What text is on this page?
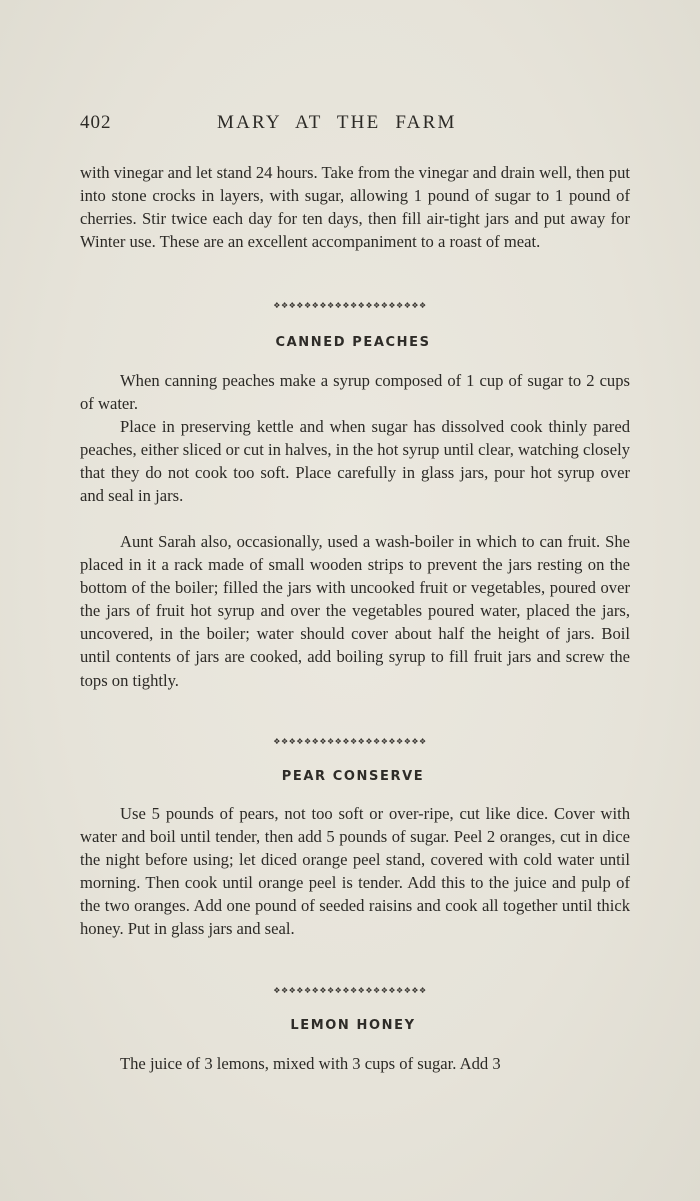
402	MARY AT THE FARM

with vinegar and let stand 24 hours. Take from the vinegar and drain well, then put into stone crocks in layers, with sugar, allowing 1 pound of sugar to 1 pound of cherries. Stir twice each day for ten days, then fill air-tight jars and put away for Winter use. These are an excellent accompaniment to a roast of meat.

❖❖❖❖❖❖❖❖❖❖❖❖❖❖❖❖❖❖❖❖
CANNED PEACHES

When canning peaches make a syrup composed of 1 cup of sugar to 2 cups of water.

Place in preserving kettle and when sugar has dissolved cook thinly pared peaches, either sliced or cut in halves, in the hot syrup until clear, watching closely that they do not cook too soft. Place carefully in glass jars, pour hot syrup over and seal in jars.

Aunt Sarah also, occasionally, used a wash-boiler in which to can fruit. She placed in it a rack made of small wooden strips to prevent the jars resting on the bottom of the boiler; filled the jars with uncooked fruit or vegetables, poured over the jars of fruit hot syrup and over the vegetables poured water, placed the jars, uncovered, in the boiler; water should cover about half the height of jars. Boil until contents of jars are cooked, add boiling syrup to fill fruit jars and screw the tops on tightly.

❖❖❖❖❖❖❖❖❖❖❖❖❖❖❖❖❖❖❖❖
PEAR CONSERVE

Use 5 pounds of pears, not too soft or over-ripe, cut like dice. Cover with water and boil until tender, then add 5 pounds of sugar. Peel 2 oranges, cut in dice the night before using; let diced orange peel stand, covered with cold water until morning. Then cook until orange peel is tender. Add this to the juice and pulp of the two oranges. Add one pound of seeded raisins and cook all together until thick honey. Put in glass jars and seal.

❖❖❖❖❖❖❖❖❖❖❖❖❖❖❖❖❖❖❖❖
LEMON HONEY

The juice of 3 lemons, mixed with 3 cups of sugar. Add 3
